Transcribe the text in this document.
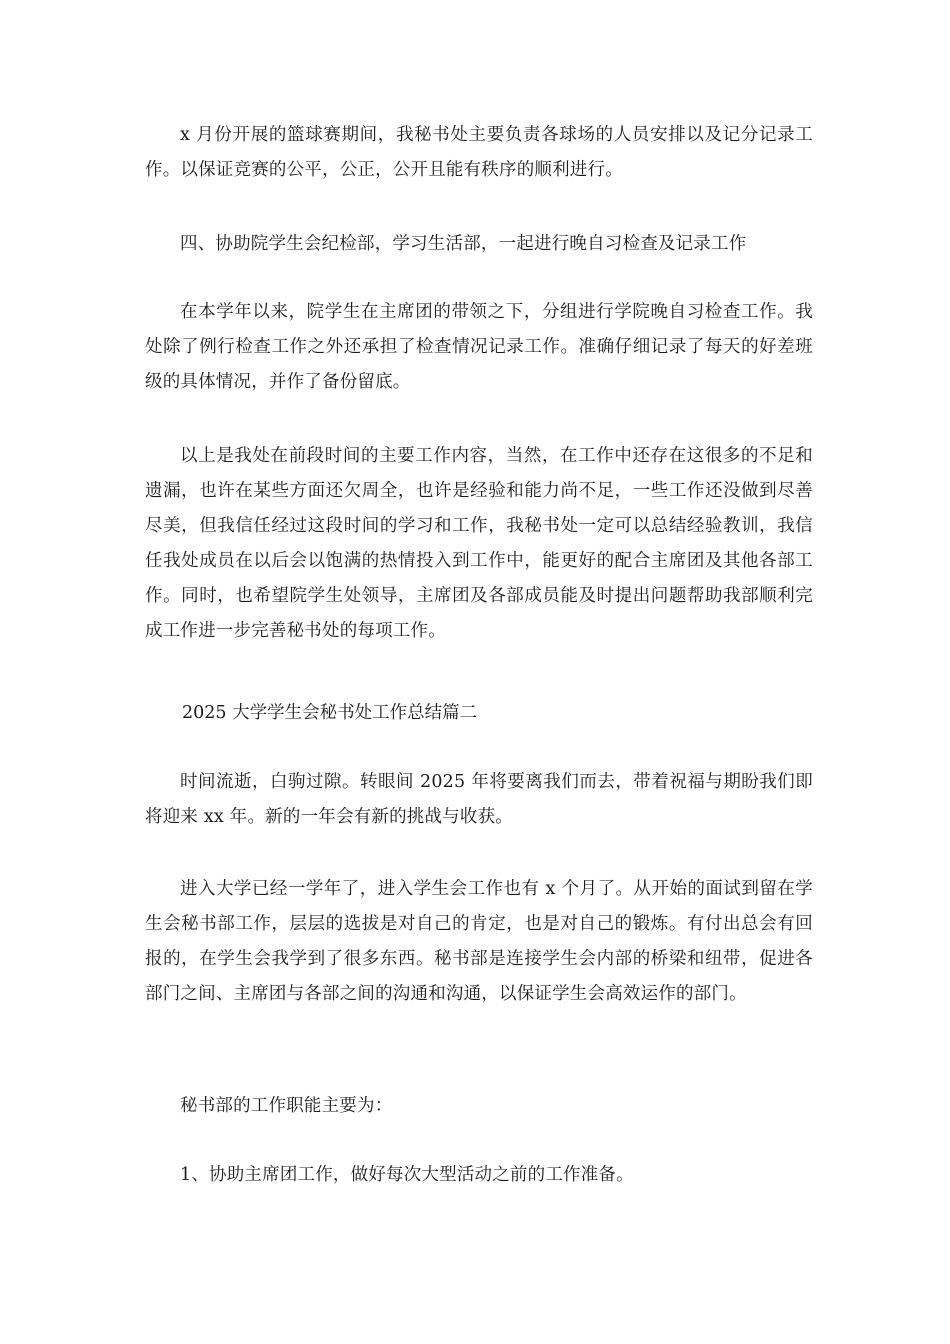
x 月份开展的篮球赛期间，我秘书处主要负责各球场的人员安排以及记分记录工作。以保证竞赛的公平，公正，公开且能有秩序的顺利进行。

四、协助院学生会纪检部，学习生活部，一起进行晚自习检查及记录工作

在本学年以来，院学生在主席团的带领之下，分组进行学院晚自习检查工作。我处除了例行检查工作之外还承担了检查情况记录工作。准确仔细记录了每天的好差班级的具体情况，并作了备份留底。

以上是我处在前段时间的主要工作内容，当然，在工作中还存在这很多的不足和遗漏，也许在某些方面还欠周全，也许是经验和能力尚不足，一些工作还没做到尽善尽美，但我信任经过这段时间的学习和工作，我秘书处一定可以总结经验教训，我信任我处成员在以后会以饱满的热情投入到工作中，能更好的配合主席团及其他各部工作。同时，也希望院学生处领导，主席团及各部成员能及时提出问题帮助我部顺利完成工作进一步完善秘书处的每项工作。

2025 大学学生会秘书处工作总结篇二

时间流逝，白驹过隙。转眼间 2025 年将要离我们而去，带着祝福与期盼我们即将迎来 xx 年。新的一年会有新的挑战与收获。

进入大学已经一学年了，进入学生会工作也有 x 个月了。从开始的面试到留在学生会秘书部工作，层层的选拔是对自己的肯定，也是对自己的锻炼。有付出总会有回报的，在学生会我学到了很多东西。秘书部是连接学生会内部的桥梁和纽带，促进各部门之间、主席团与各部之间的沟通和沟通，以保证学生会高效运作的部门。

秘书部的工作职能主要为：

1、协助主席团工作，做好每次大型活动之前的工作准备。
